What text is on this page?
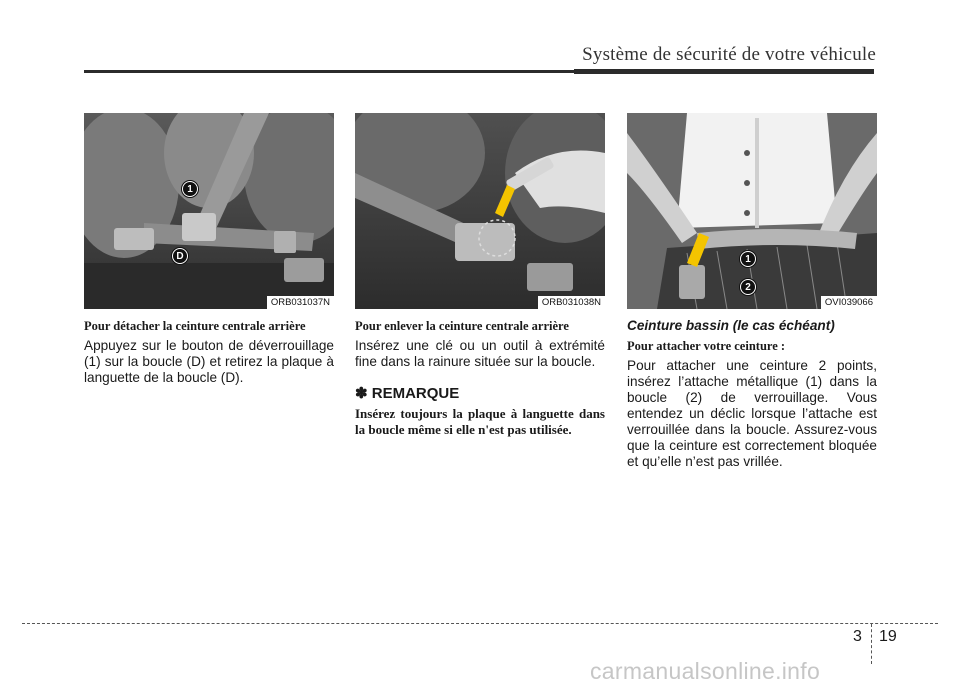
Système de sécurité de votre véhicule
1
D
ORB031037N
Pour détacher la ceinture centrale arrière
Appuyez sur le bouton de déverrouillage (1) sur la boucle (D) et retirez la plaque à languette de la boucle (D).
ORB031038N
Pour enlever la ceinture centrale arrière
Insérez une clé ou un outil à extrémité fine dans la rainure située sur la boucle.
✽ REMARQUE
Insérez toujours la plaque à languette dans la boucle même si elle n'est pas utilisée.
1
2
OVI039066
Ceinture bassin (le cas échéant)
Pour attacher votre ceinture :
Pour attacher une ceinture 2 points, insérez l’attache métallique (1) dans la boucle (2) de verrouillage. Vous entendez un déclic lorsque l’attache est verrouillée dans la boucle. Assurez-vous que la ceinture est correctement bloquée et qu’elle n’est pas vrillée.
3 19
carmanualsonline.info
